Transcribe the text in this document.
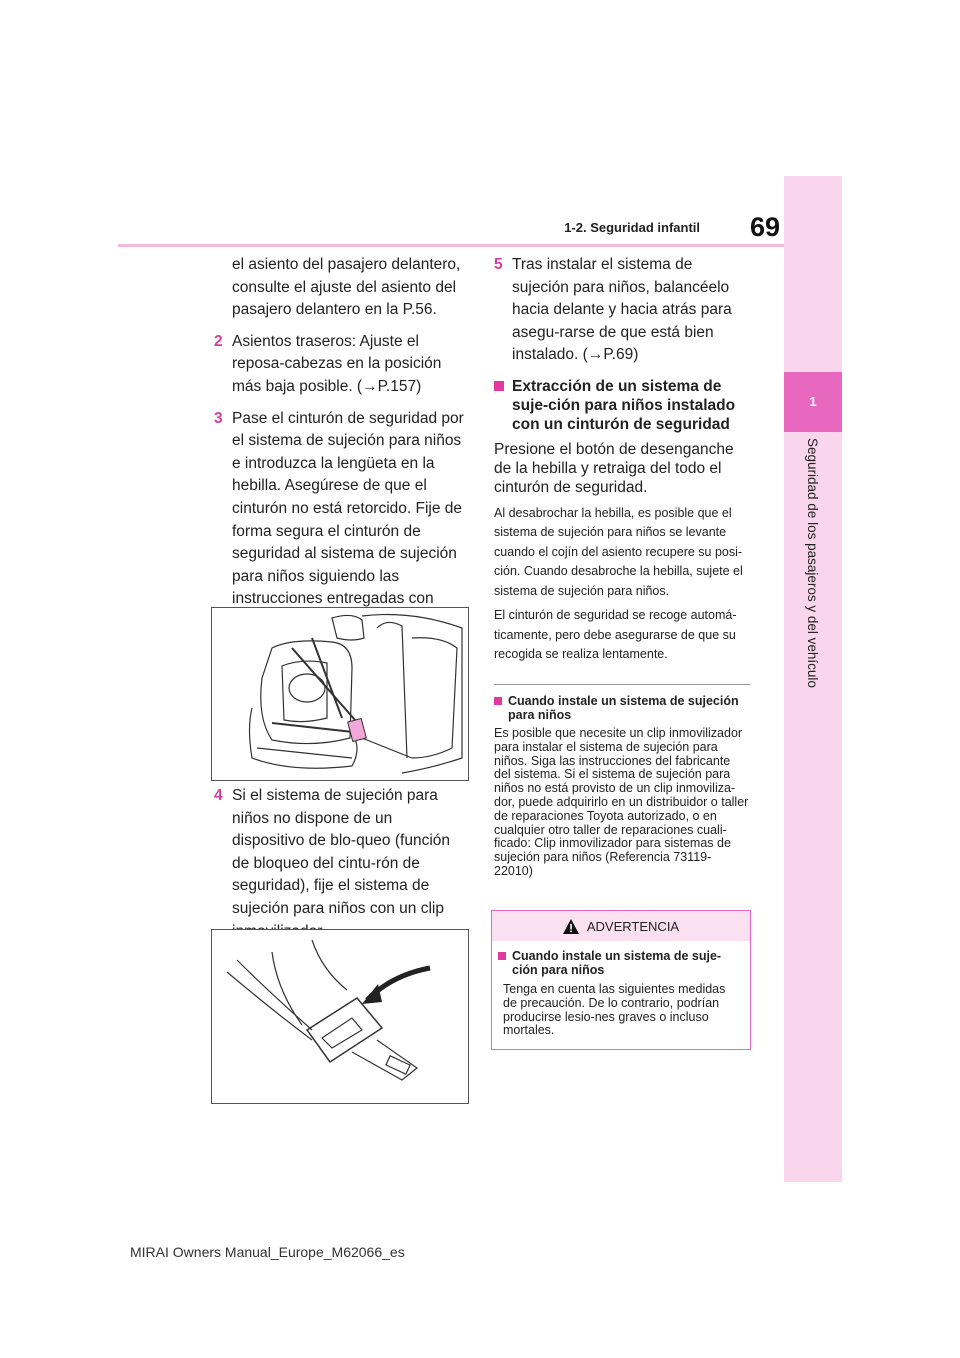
69
1-2. Seguridad infantil
1
Seguridad de los pasajeros y del vehículo

el asiento del pasajero delantero, consulte el ajuste del asiento del pasajero delantero en la P.56.

2 Asientos traseros: Ajuste el reposa-cabezas en la posición más baja posible. (→P.157)
3 Pase el cinturón de seguridad por el sistema de sujeción para niños e introduzca la lengüeta en la hebilla. Asegúrese de que el cinturón no está retorcido. Fije de forma segura el cinturón de seguridad al sistema de sujeción para niños siguiendo las instrucciones entregadas con
4 Si el sistema de sujeción para niños no dispone de un dispositivo de blo-queo (función de bloqueo del cintu-rón de seguridad), fije el sistema de sujeción para niños con un clip
5 Tras instalar el sistema de sujeción para niños, balancéelo hacia delante y hacia atrás para asegu-rarse de que está bien instalado. (→P.69)
Extracción de un sistema de suje-ción para niños instalado con un cinturón de seguridad

Presione el botón de desenganche de la hebilla y retraiga del todo el cinturón de seguridad.

Al desabrochar la hebilla, es posible que el sistema de sujeción para niños se levante cuando el cojín del asiento recupere su posi-ción. Cuando desabroche la hebilla, sujete el sistema de sujeción para niños.

El cinturón de seguridad se recoge automá-ticamente, pero debe asegurarse de que su recogida se realiza lentamente.

Cuando instale un sistema de sujeción para niños

Es posible que necesite un clip inmovilizador para instalar el sistema de sujeción para niños. Siga las instrucciones del fabricante del sistema. Si el sistema de sujeción para niños no está provisto de un clip inmoviliza-dor, puede adquirirlo en un distribuidor o taller de reparaciones Toyota autorizado, o en cualquier otro taller de reparaciones cuali-ficado: Clip inmovilizador para sistemas de sujeción para niños (Referencia 73119-22010)

ADVERTENCIA
Cuando instale un sistema de suje-ción para niños

Tenga en cuenta las siguientes medidas de precaución. De lo contrario, podrían producirse lesio-nes graves o incluso mortales.

MIRAI Owners Manual_Europe_M62066_es
